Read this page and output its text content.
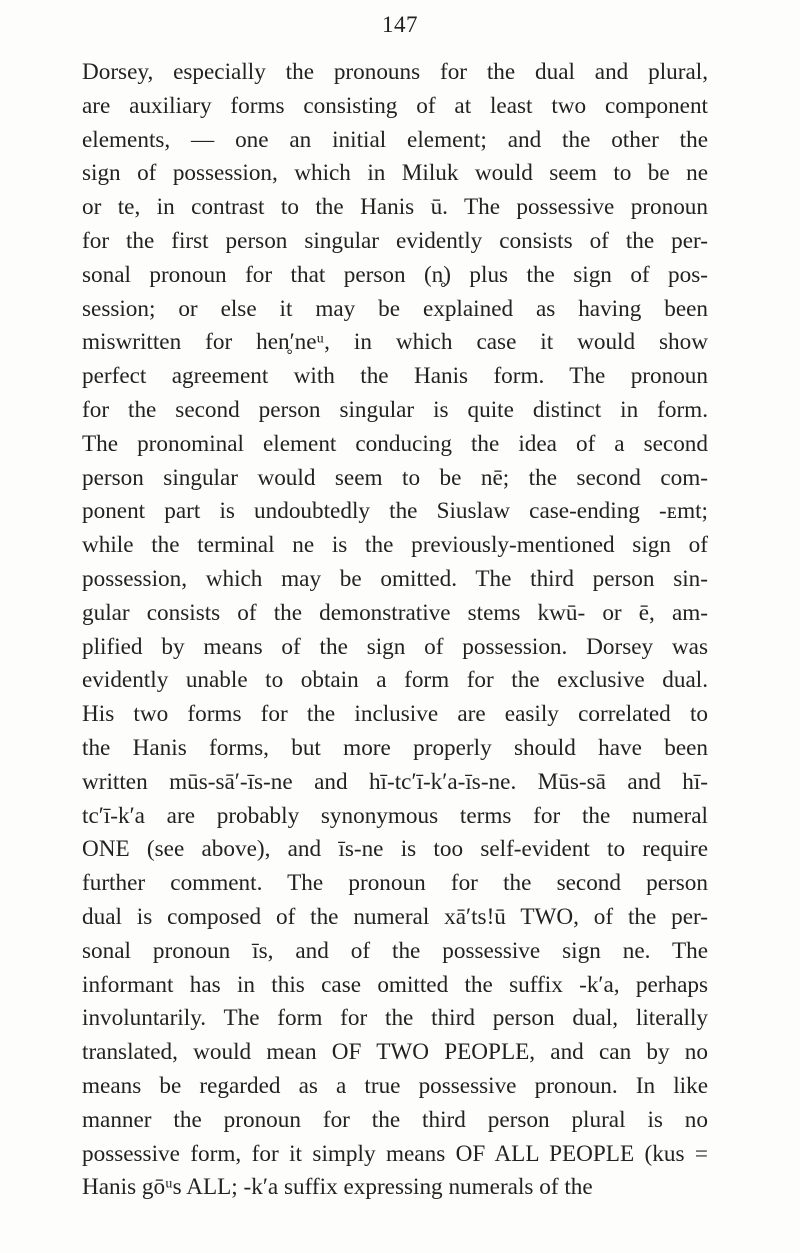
147
Dorsey, especially the pronouns for the dual and plural,
are auxiliary forms consisting of at least two component
elements, — one an initial element; and the other the
sign of possession, which in Miluk would seem to be ne
or te, in contrast to the Hanis ū. The possessive pronoun
for the first person singular evidently consists of the per-
sonal pronoun for that person (n̥) plus the sign of pos-
session; or else it may be explained as having been
miswritten for hen̥′neᵘ, in which case it would show
perfect agreement with the Hanis form. The pronoun
for the second person singular is quite distinct in form.
The pronominal element conducing the idea of a second
person singular would seem to be nē; the second com-
ponent part is undoubtedly the Siuslaw case-ending -ᴇmt;
while the terminal ne is the previously-mentioned sign of
possession, which may be omitted. The third person sin-
gular consists of the demonstrative stems kwū- or ē, am-
plified by means of the sign of possession. Dorsey was
evidently unable to obtain a form for the exclusive dual.
His two forms for the inclusive are easily correlated to
the Hanis forms, but more properly should have been
written mūs-sā′-īs-ne and hī-tc′ī-k′a-īs-ne. Mūs-sā and hī-
tc′ī-k′a are probably synonymous terms for the numeral
ONE (see above), and īs-ne is too self-evident to require
further comment. The pronoun for the second person
dual is composed of the numeral xā′ts!ū TWO, of the per-
sonal pronoun īs, and of the possessive sign ne. The
informant has in this case omitted the suffix -k′a, perhaps
involuntarily. The form for the third person dual, literally
translated, would mean OF TWO PEOPLE, and can by no
means be regarded as a true possessive pronoun. In like
manner the pronoun for the third person plural is no
possessive form, for it simply means OF ALL PEOPLE (kus =
Hanis gōᵘs ALL; -k′a suffix expressing numerals of the
